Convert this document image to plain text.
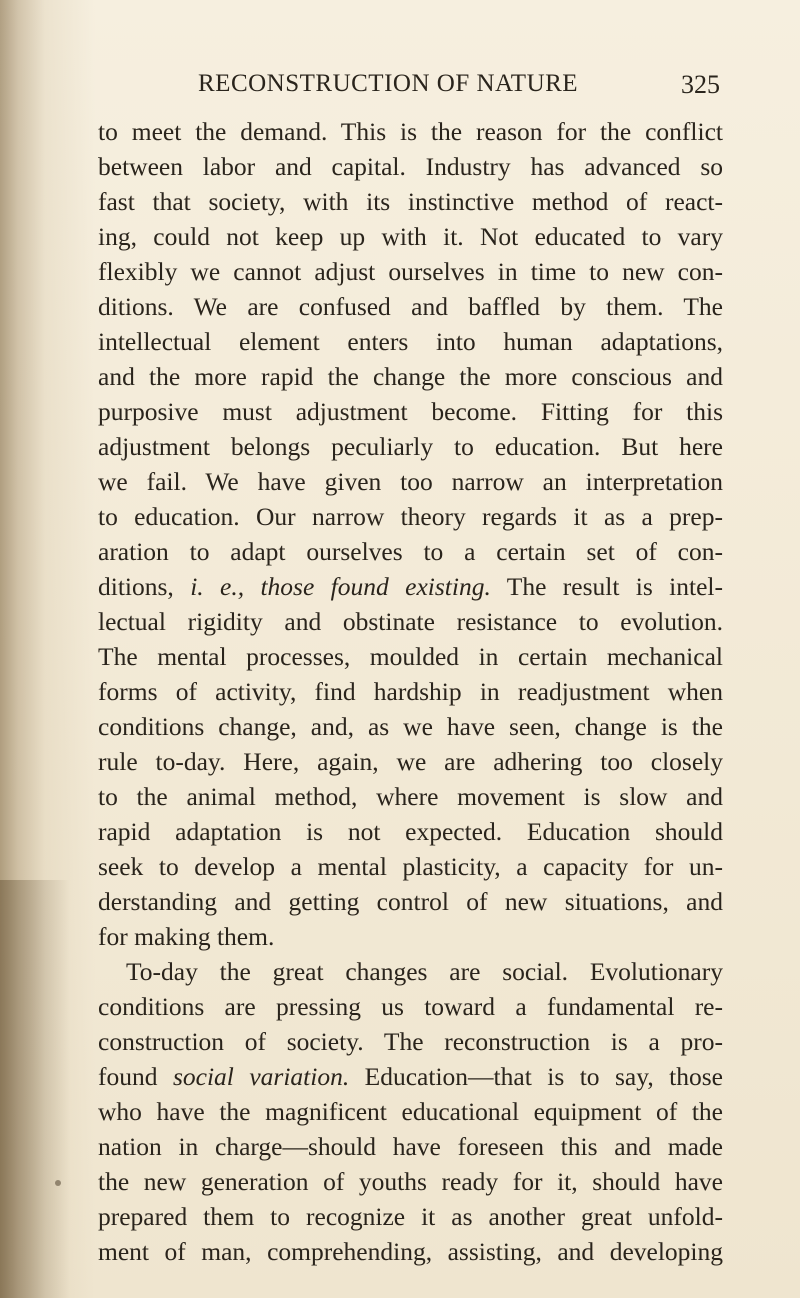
RECONSTRUCTION OF NATURE	325
to meet the demand. This is the reason for the conflict
between labor and capital. Industry has advanced so
fast that society, with its instinctive method of react-
ing, could not keep up with it. Not educated to vary
flexibly we cannot adjust ourselves in time to new con-
ditions. We are confused and baffled by them. The
intellectual element enters into human adaptations,
and the more rapid the change the more conscious and
purposive must adjustment become. Fitting for this
adjustment belongs peculiarly to education. But here
we fail. We have given too narrow an interpretation
to education. Our narrow theory regards it as a prep-
aration to adapt ourselves to a certain set of con-
ditions, i. e., those found existing. The result is intel-
lectual rigidity and obstinate resistance to evolution.
The mental processes, moulded in certain mechanical
forms of activity, find hardship in readjustment when
conditions change, and, as we have seen, change is the
rule to-day. Here, again, we are adhering too closely
to the animal method, where movement is slow and
rapid adaptation is not expected. Education should
seek to develop a mental plasticity, a capacity for un-
derstanding and getting control of new situations, and
for making them.
To-day the great changes are social. Evolutionary
conditions are pressing us toward a fundamental re-
construction of society. The reconstruction is a pro-
found social variation. Education—that is to say, those
who have the magnificent educational equipment of the
nation in charge—should have foreseen this and made
the new generation of youths ready for it, should have
prepared them to recognize it as another great unfold-
ment of man, comprehending, assisting, and developing
